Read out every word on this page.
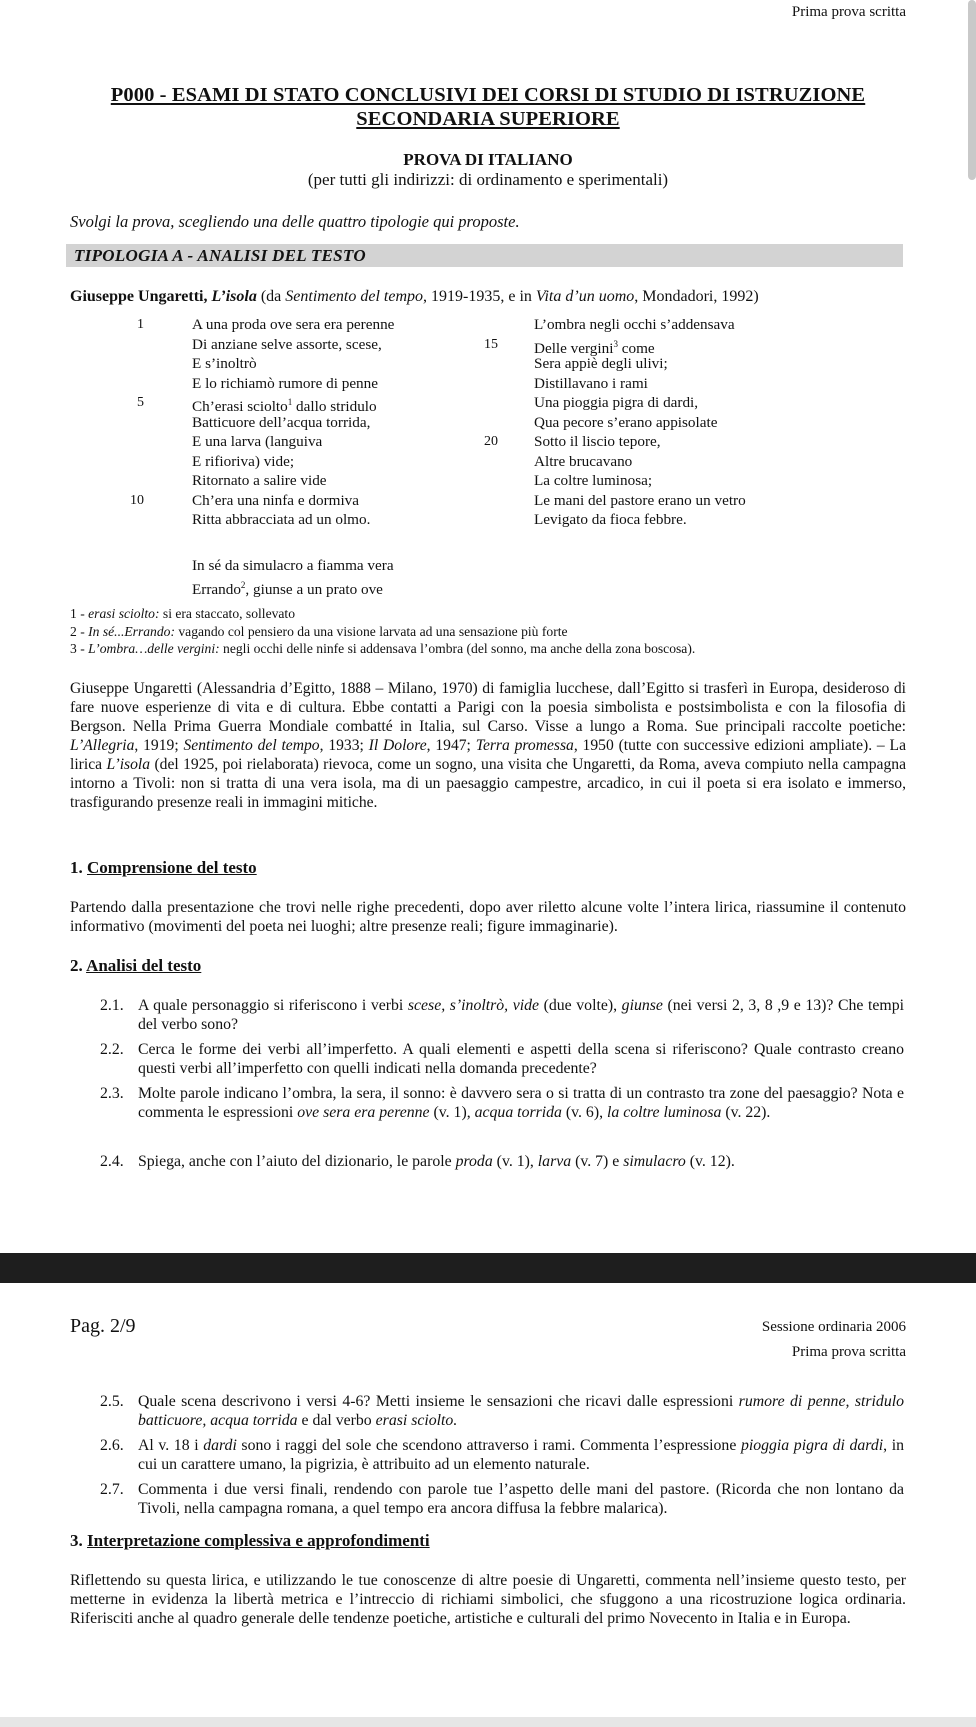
Prima prova scritta

P000 - ESAMI DI STATO CONCLUSIVI DEI CORSI DI STUDIO DI ISTRUZIONE

SECONDARIA SUPERIORE

PROVA DI ITALIANO

(per tutti gli indirizzi: di ordinamento e sperimentali)

Svolgi la prova, scegliendo una delle quattro tipologie qui proposte.

TIPOLOGIA A - ANALISI DEL TESTO

Giuseppe Ungaretti, L’isola (da Sentimento del tempo, 1919-1935, e in Vita d’un uomo, Mondadori, 1992)

1	A una proda ove sera era perenne
Di anziane selve assorte, scese,
E s’inoltrò
E lo richiamò rumore di penne
5	Ch’erasi sciolto$^1$ dallo stridulo
Batticuore dell’acqua torrida,
E una larva (languiva
E rifioriva) vide;
Ritornato a salire vide
10	Ch’era una ninfa e dormiva
Ritta abbracciata ad un olmo.
In sé da simulacro a fiamma vera
Errando$^2$, giunse a un prato ove
L’ombra negli occhi s’addensava
15 Delle vergini$^3$ come
Sera appiè degli ulivi;
Distillavano i rami
Una pioggia pigra di dardi,
Qua pecore s’erano appisolate
20 Sotto il liscio tepore,
Altre brucavano
La coltre luminosa;
Le mani del pastore erano un vetro
Levigato da fioca febbre.
1 - erasi sciolto: si era staccato, sollevato
2 - In sé...Errando: vagando col pensiero da una visione larvata ad una sensazione più forte
3 - L’ombra…delle vergini: negli occhi delle ninfe si addensava l’ombra (del sonno, ma anche della zona boscosa).

Giuseppe Ungaretti (Alessandria d’Egitto, 1888 – Milano, 1970) di famiglia lucchese, dall’Egitto si trasferì in Europa, desideroso di fare nuove esperienze di vita e di cultura. Ebbe contatti a Parigi con la poesia simbolista e postsimbolista e con la filosofia di Bergson. Nella Prima Guerra Mondiale combatté in Italia, sul Carso. Visse a lungo a Roma. Sue principali raccolte poetiche: L’Allegria, 1919; Sentimento del tempo, 1933; Il Dolore, 1947; Terra promessa, 1950 (tutte con successive edizioni ampliate). – La lirica L’isola (del 1925, poi rielaborata) rievoca, come un sogno, una visita che Ungaretti, da Roma, aveva compiuto nella campagna intorno a Tivoli: non si tratta di una vera isola, ma di un paesaggio campestre, arcadico, in cui il poeta si era isolato e immerso, trasfigurando presenze reali in immagini mitiche.

1. Comprensione del testo

Partendo dalla presentazione che trovi nelle righe precedenti, dopo aver riletto alcune volte l’intera lirica, riassumine il contenuto informativo (movimenti del poeta nei luoghi; altre presenze reali; figure immaginarie).

2. Analisi del testo

2.1. A quale personaggio si riferiscono i verbi scese, s’inoltrò, vide (due volte), giunse (nei versi 2, 3, 8 ,9 e 13)? Che tempi del verbo sono?
2.2. Cerca le forme dei verbi all’imperfetto. A quali elementi e aspetti della scena si riferiscono? Quale contrasto creano questi verbi all’imperfetto con quelli indicati nella domanda precedente?
2.3. Molte parole indicano l’ombra, la sera, il sonno: è davvero sera o si tratta di un contrasto tra zone del paesaggio? Nota e commenta le espressioni ove sera era perenne (v. 1), acqua torrida (v. 6), la coltre luminosa (v. 22).
2.4. Spiega, anche con l’aiuto del dizionario, le parole proda (v. 1), larva (v. 7) e simulacro (v. 12).

Pag. 2/9	Sessione ordinaria 2006

Prima prova scritta

2.5. Quale scena descrivono i versi 4-6? Metti insieme le sensazioni che ricavi dalle espressioni rumore di penne, stridulo batticuore, acqua torrida e dal verbo erasi sciolto.
2.6. Al v. 18 i dardi sono i raggi del sole che scendono attraverso i rami. Commenta l’espressione pioggia pigra di dardi, in cui un carattere umano, la pigrizia, è attribuito ad un elemento naturale.
2.7. Commenta i due versi finali, rendendo con parole tue l’aspetto delle mani del pastore. (Ricorda che non lontano da Tivoli, nella campagna romana, a quel tempo era ancora diffusa la febbre malarica).

3. Interpretazione complessiva e approfondimenti

Riflettendo su questa lirica, e utilizzando le tue conoscenze di altre poesie di Ungaretti, commenta nell’insieme questo testo, per metterne in evidenza la libertà metrica e l’intreccio di richiami simbolici, che sfuggono a una ricostruzione logica ordinaria. Riferisciti anche al quadro generale delle tendenze poetiche, artistiche e culturali del primo Novecento in Italia e in Europa.
